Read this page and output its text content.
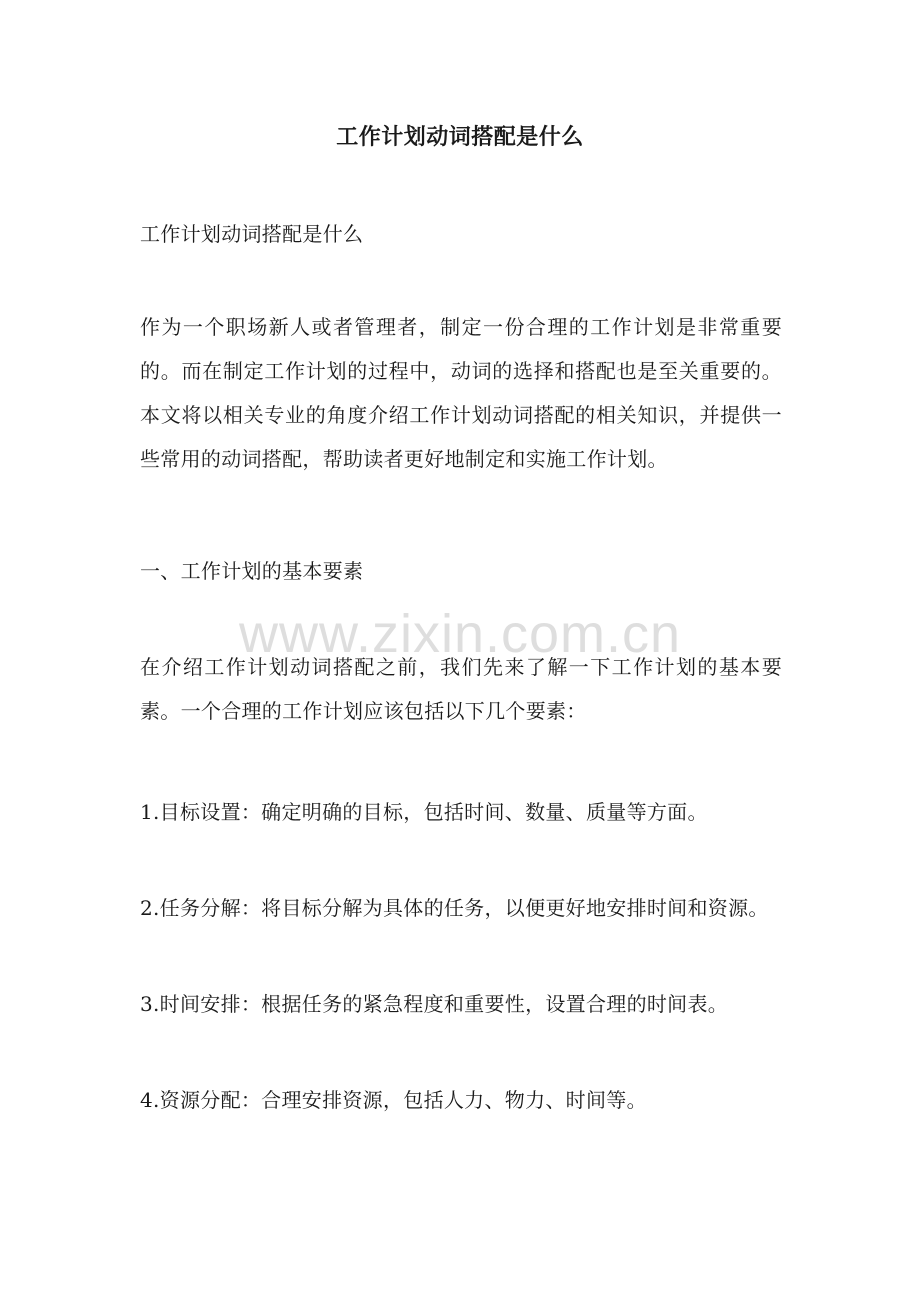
工作计划动词搭配是什么

工作计划动词搭配是什么

作为一个职场新人或者管理者，制定一份合理的工作计划是非常重要的。而在制定工作计划的过程中，动词的选择和搭配也是至关重要的。本文将以相关专业的角度介绍工作计划动词搭配的相关知识，并提供一些常用的动词搭配，帮助读者更好地制定和实施工作计划。

一、工作计划的基本要素

在介绍工作计划动词搭配之前，我们先来了解一下工作计划的基本要素。一个合理的工作计划应该包括以下几个要素：

1.目标设置：确定明确的目标，包括时间、数量、质量等方面。

2.任务分解：将目标分解为具体的任务，以便更好地安排时间和资源。

3.时间安排：根据任务的紧急程度和重要性，设置合理的时间表。

4.资源分配：合理安排资源，包括人力、物力、时间等。

www.zixin.com.cn
